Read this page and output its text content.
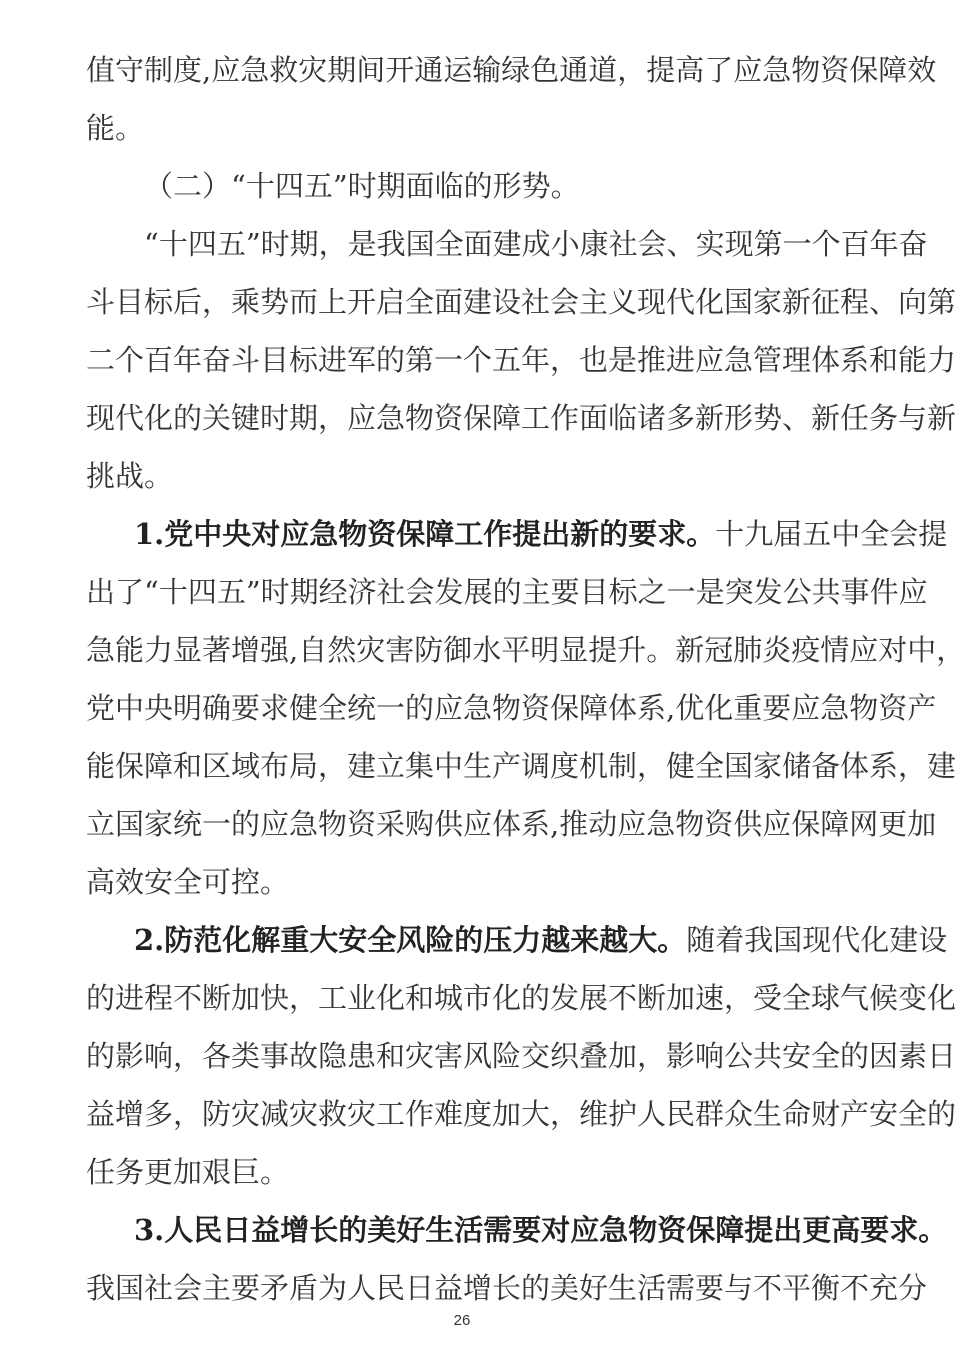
值守制度,应急救灾期间开通运输绿色通道，提高了应急物资保障效
能。
（二）“十四五”时期面临的形势。
“十四五”时期，是我国全面建成小康社会、实现第一个百年奋
斗目标后，乘势而上开启全面建设社会主义现代化国家新征程、向第
二个百年奋斗目标进军的第一个五年，也是推进应急管理体系和能力
现代化的关键时期，应急物资保障工作面临诸多新形势、新任务与新
挑战。
1.党中央对应急物资保障工作提出新的要求。十九届五中全会提
出了“十四五”时期经济社会发展的主要目标之一是突发公共事件应
急能力显著增强,自然灾害防御水平明显提升。新冠肺炎疫情应对中，
党中央明确要求健全统一的应急物资保障体系,优化重要应急物资产
能保障和区域布局，建立集中生产调度机制，健全国家储备体系，建
立国家统一的应急物资采购供应体系,推动应急物资供应保障网更加
高效安全可控。
2.防范化解重大安全风险的压力越来越大。随着我国现代化建设
的进程不断加快，工业化和城市化的发展不断加速，受全球气候变化
的影响，各类事故隐患和灾害风险交织叠加，影响公共安全的因素日
益增多，防灾减灾救灾工作难度加大，维护人民群众生命财产安全的
任务更加艰巨。
3.人民日益增长的美好生活需要对应急物资保障提出更高要求。
我国社会主要矛盾为人民日益增长的美好生活需要与不平衡不充分
26
